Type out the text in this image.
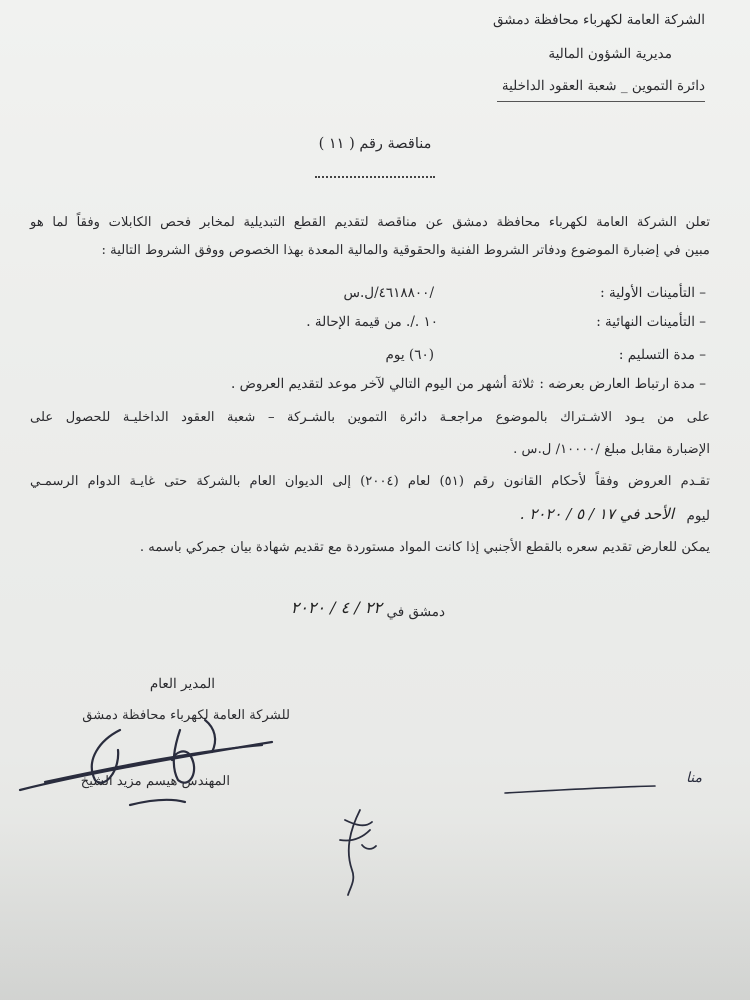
الشركة العامة لكهرباء محافظة دمشق
مديرية الشؤون المالية
دائرة التموين _ شعبة العقود الداخلية
مناقصة رقم ( ١١ )
تعلن الشركة العامة لكهرباء محافظة دمشق عن مناقصة لتقديم القطع التبديلية لمخابر فحص الكابلات وفقاً لما هو
مبين في إضبارة الموضوع ودفاتر الشروط الفنية والحقوقية والمالية المعدة بهذا الخصوص ووفق الشروط التالية :
– التأمينات الأولية :
/٤٦١٨٨٠٠/ل.س
– التأمينات النهائية :
١٠ ./. من قيمة الإحالة .
– مدة التسليم :
(٦٠) يوم
– مدة ارتباط العارض بعرضه :
ثلاثة أشهر من اليوم التالي لآخر موعد لتقديم العروض .
على من يـود الاشـتراك بالموضوع مراجعـة دائرة التموين بالشـركة – شعبة العقود الداخليـة للحصول على
الإضبارة مقابل مبلغ /١٠٠٠٠/ ل.س .
تقـدم العروض وفقاً لأحكام القانون رقم (٥١) لعام (٢٠٠٤) إلى الديوان العام بالشركة حتى غايـة الدوام الرسمـي
ليوم
الأحد في ١٧ / ٥ / ٢٠٢٠ .
يمكن للعارض تقديم سعره بالقطع الأجنبي إذا كانت المواد مستوردة مع تقديم شهادة بيان جمركي باسمه .
دمشق في
٢٢ / ٤ / ٢٠٢٠
المدير العام
للشركة العامة لكهرباء محافظة دمشق
المهندس هيسم مزيد الشيخ	منا
